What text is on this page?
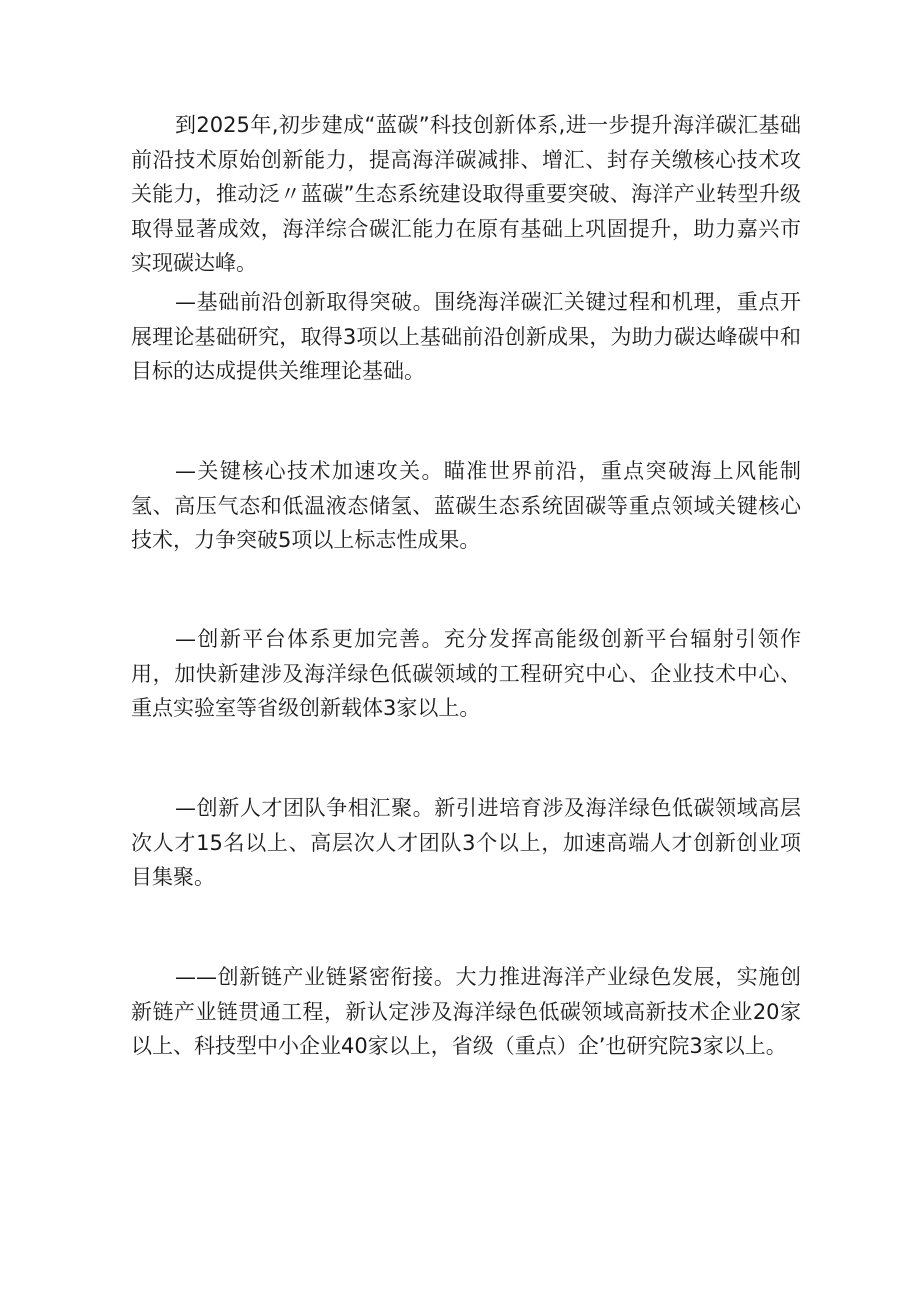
到2025年,初步建成“蓝碳”科技创新体系,进一步提升海洋碳汇基础前沿技术原始创新能力，提高海洋碳减排、增汇、封存关缴核心技术攻关能力，推动泛〃蓝碳”生态系统建设取得重要突破、海洋产业转型升级取得显著成效，海洋综合碳汇能力在原有基础上巩固提升，助力嘉兴市实现碳达峰。

—基础前沿创新取得突破。围绕海洋碳汇关键过程和机理，重点开展理论基础研究，取得3项以上基础前沿创新成果，为助力碳达峰碳中和目标的达成提供关维理论基础。

—关键核心技术加速攻关。瞄准世界前沿，重点突破海上风能制氢、高压气态和低温液态储氢、蓝碳生态系统固碳等重点领域关键核心技术，力争突破5项以上标志性成果。

—创新平台体系更加完善。充分发挥高能级创新平台辐射引领作用，加快新建涉及海洋绿色低碳领域的工程研究中心、企业技术中心、重点实验室等省级创新载体3家以上。

—创新人才团队争相汇聚。新引进培育涉及海洋绿色低碳领域高层次人才15名以上、高层次人才团队3个以上，加速高端人才创新创业项目集聚。

——创新链产业链紧密衔接。大力推进海洋产业绿色发展，实施创新链产业链贯通工程，新认定涉及海洋绿色低碳领域高新技术企业20家以上、科技型中小企业40家以上，省级（重点）企’也研究院3家以上。
